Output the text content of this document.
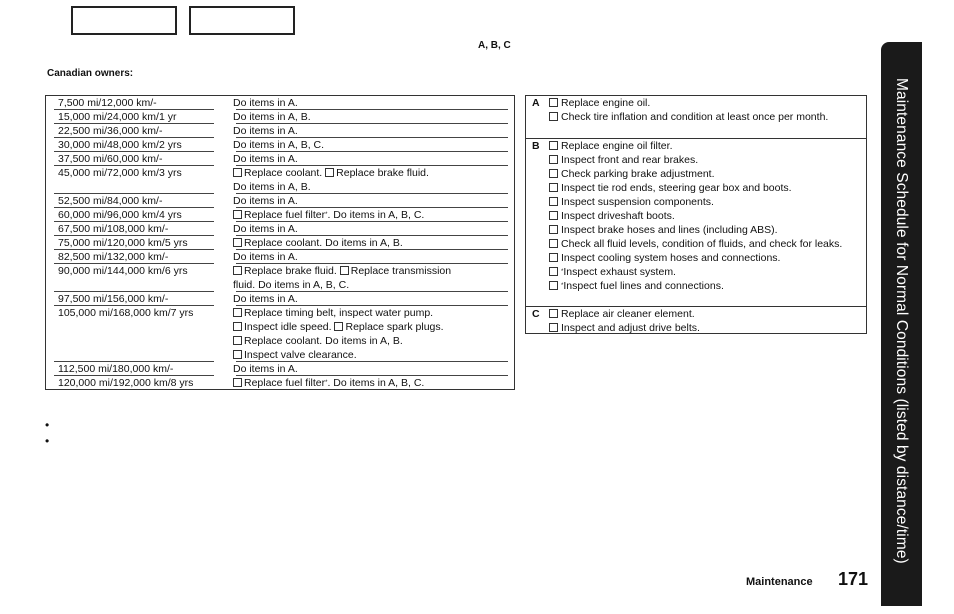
A, B, C
Canadian owners:
7,500 mi/12,000 km/-	Do items in A.
15,000 mi/24,000 km/1 yr	Do items in A, B.
22,500 mi/36,000 km/-	Do items in A.
30,000 mi/48,000 km/2 yrs	Do items in A, B, C.
37,500 mi/60,000 km/-	Do items in A.
45,000 mi/72,000 km/3 yrs	Replace coolant. Replace brake fluid.
Do items in A, B.
52,500 mi/84,000 km/-	Do items in A.
60,000 mi/96,000 km/4 yrs	Replace fuel filter*. Do items in A, B, C.
67,500 mi/108,000 km/-	Do items in A.
75,000 mi/120,000 km/5 yrs	Replace coolant. Do items in A, B.
82,500 mi/132,000 km/-	Do items in A.
90,000 mi/144,000 km/6 yrs	Replace brake fluid. Replace transmission
fluid. Do items in A, B, C.
97,500 mi/156,000 km/-	Do items in A.
105,000 mi/168,000 km/7 yrs	Replace timing belt, inspect water pump.
Inspect idle speed. Replace spark plugs.
Replace coolant. Do items in A, B.
Inspect valve clearance.
112,500 mi/180,000 km/-	Do items in A.
120,000 mi/192,000 km/8 yrs	Replace fuel filter*. Do items in A, B, C.
A	Replace engine oil.
Check tire inflation and condition at least once per month.
B	Replace engine oil filter.
Inspect front and rear brakes.
Check parking brake adjustment.
Inspect tie rod ends, steering gear box and boots.
Inspect suspension components.
Inspect driveshaft boots.
Inspect brake hoses and lines (including ABS).
Check all fluid levels, condition of fluids, and check for leaks.
Inspect cooling system hoses and connections.
*Inspect exhaust system.
*Inspect fuel lines and connections.
C	Replace air cleaner element.
Inspect and adjust drive belts.
•
•	Maintenance Schedule for Normal Conditions (listed by distance/time)
Maintenance 171
